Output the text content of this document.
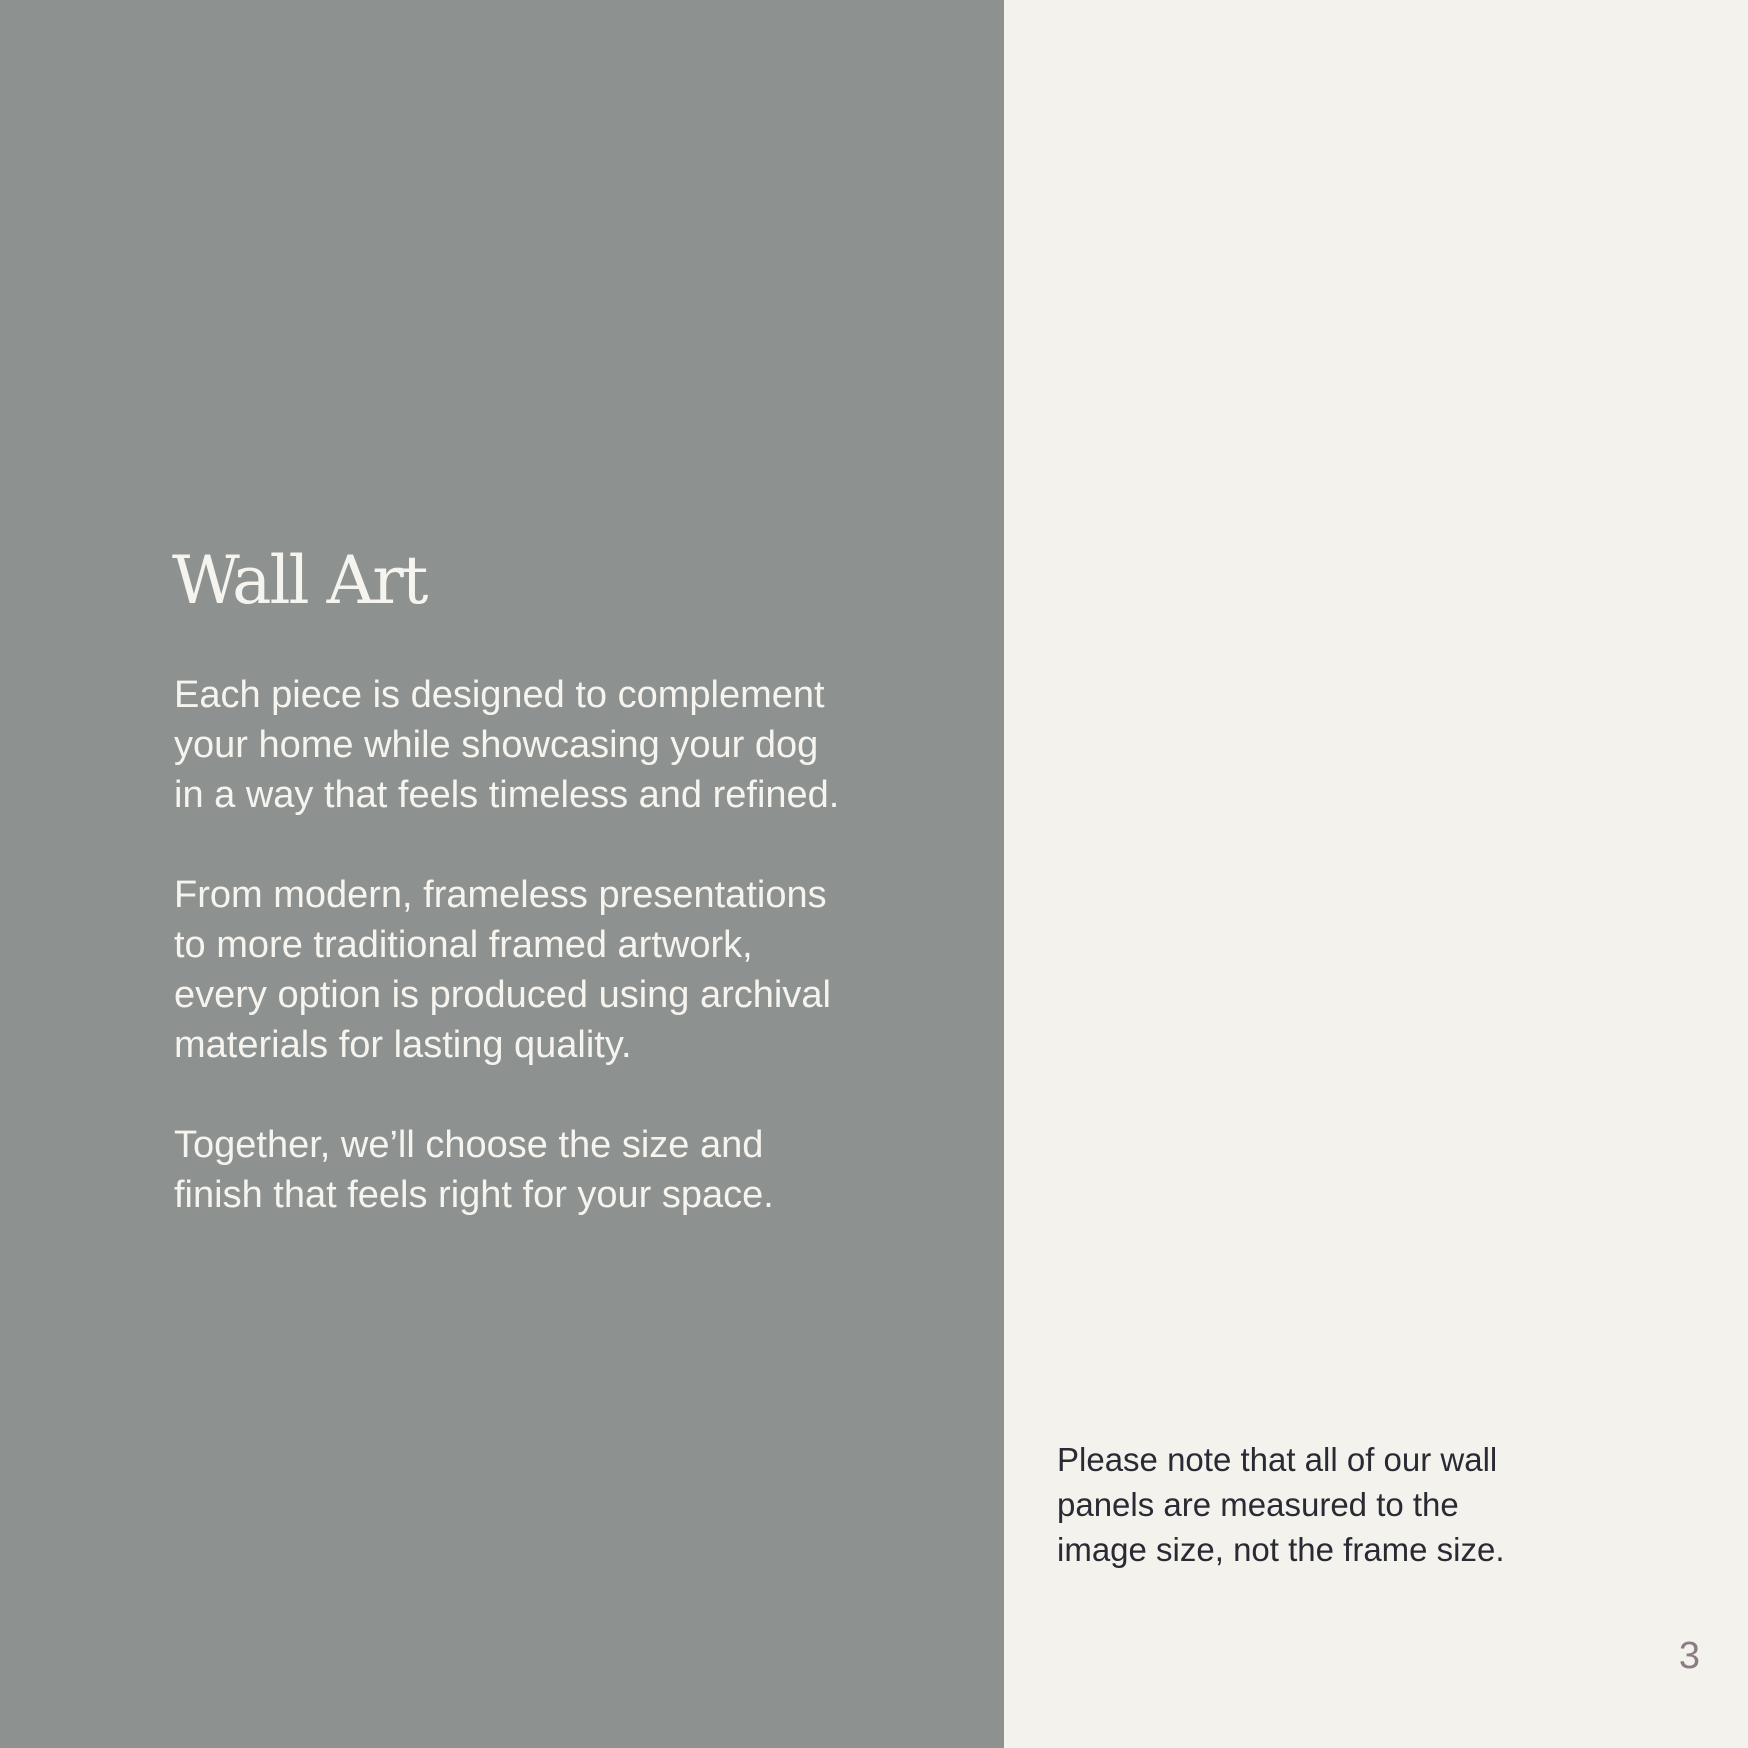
Wall Art

Each piece is designed to complement
your home while showcasing your dog
in a way that feels timeless and refined.

From modern, frameless presentations
to more traditional framed artwork,
every option is produced using archival
materials for lasting quality.

Together, we’ll choose the size and
finish that feels right for your space.

Please note that all of our wall
panels are measured to the
image size, not the frame size.

3
